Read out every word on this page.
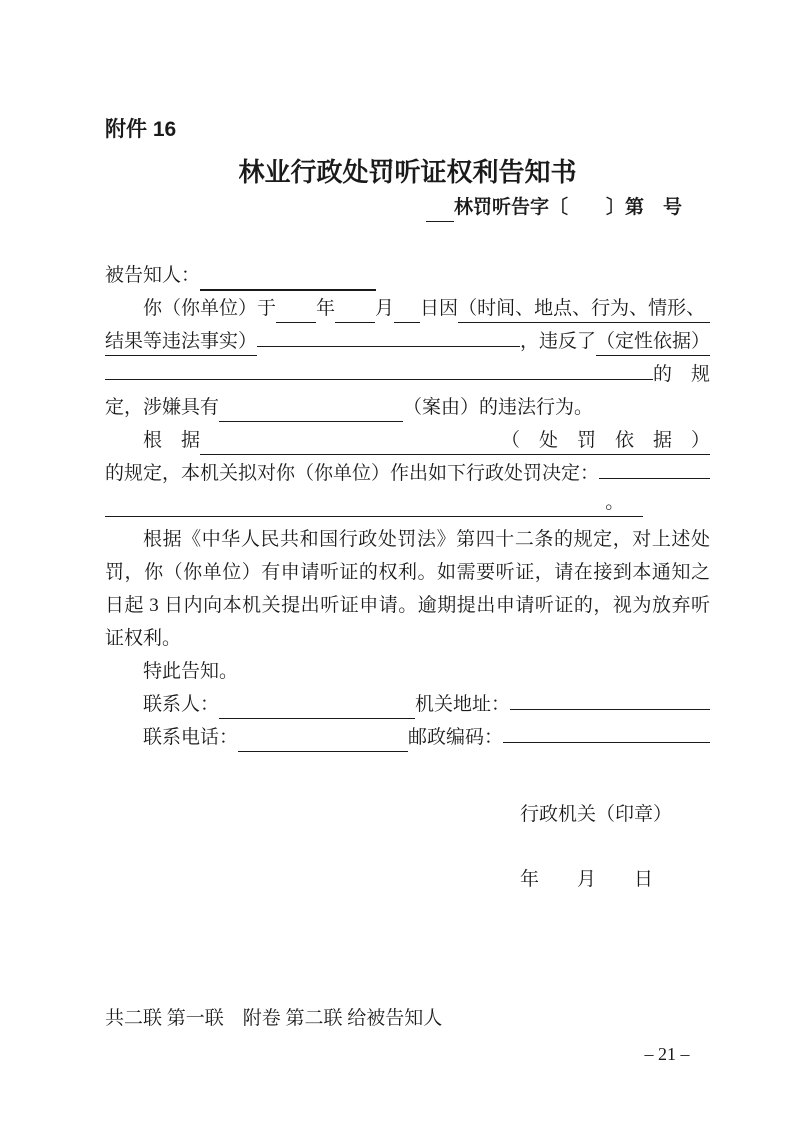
附件 16
林业行政处罚听证权利告知书
林罚听告字〔　　〕第　号
被告知人：
你（你单位）于 年 月 日因 （时间、地点、行为、情形、
结果等违法事实）	，违反了 （定性依据）
的　规
定，涉嫌具有	（案由）的违法行为。
根　据	（　处　罚　依　据　）
的规定，本机关拟对你（你单位）作出如下行政处罚决定：
。
根据《中华人民共和国行政处罚法》第四十二条的规定，对上述处
罚，你（你单位）有申请听证的权利。如需要听证，请在接到本通知之
日起 3 日内向本机关提出听证申请。逾期提出申请听证的，视为放弃听
证权利。
特此告知。
联系人：	机关地址：
联系电话：	邮政编码：
行政机关（印章）
年　　月　　日
共二联 第一联　附卷 第二联 给被告知人
– 21 –
